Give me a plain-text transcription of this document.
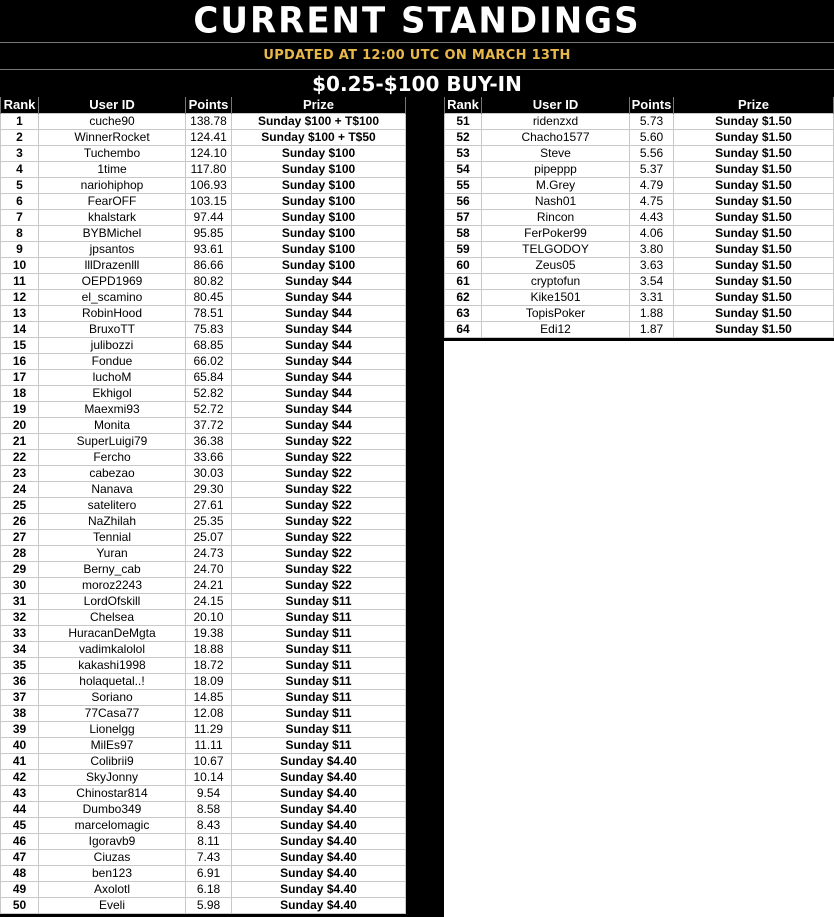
CURRENT STANDINGS
UPDATED AT 12:00 UTC ON MARCH 13TH
$0.25-$100 BUY-IN
Rank	User ID	Points	Prize
1	cuche90	138.78	Sunday $100 + T$100
2	WinnerRocket	124.41	Sunday $100 + T$50
3	Tuchembo	124.10	Sunday $100
4	1time	117.80	Sunday $100
5	nariohiphop	106.93	Sunday $100
6	FearOFF	103.15	Sunday $100
7	khalstark	97.44	Sunday $100
8	BYBMichel	95.85	Sunday $100
9	jpsantos	93.61	Sunday $100
10	lllDrazenlll	86.66	Sunday $100
11	OEPD1969	80.82	Sunday $44
12	el_scamino	80.45	Sunday $44
13	RobinHood	78.51	Sunday $44
14	BruxoTT	75.83	Sunday $44
15	julibozzi	68.85	Sunday $44
16	Fondue	66.02	Sunday $44
17	luchoM	65.84	Sunday $44
18	Ekhigol	52.82	Sunday $44
19	Maexmi93	52.72	Sunday $44
20	Monita	37.72	Sunday $44
21	SuperLuigi79	36.38	Sunday $22
22	Fercho	33.66	Sunday $22
23	cabezao	30.03	Sunday $22
24	Nanava	29.30	Sunday $22
25	satelitero	27.61	Sunday $22
26	NaZhilah	25.35	Sunday $22
27	Tennial	25.07	Sunday $22
28	Yuran	24.73	Sunday $22
29	Berny_cab	24.70	Sunday $22
30	moroz2243	24.21	Sunday $22
31	LordOfskill	24.15	Sunday $11
32	Chelsea	20.10	Sunday $11
33	HuracanDeMgta	19.38	Sunday $11
34	vadimkalolol	18.88	Sunday $11
35	kakashi1998	18.72	Sunday $11
36	holaquetal..!	18.09	Sunday $11
37	Soriano	14.85	Sunday $11
38	77Casa77	12.08	Sunday $11
39	Lionelgg	11.29	Sunday $11
40	MilEs97	11.11	Sunday $11
41	Colibrii9	10.67	Sunday $4.40
42	SkyJonny	10.14	Sunday $4.40
43	Chinostar814	9.54	Sunday $4.40
44	Dumbo349	8.58	Sunday $4.40
45	marcelomagic	8.43	Sunday $4.40
46	Igoravb9	8.11	Sunday $4.40
47	Ciuzas	7.43	Sunday $4.40
48	ben123	6.91	Sunday $4.40
49	Axolotl	6.18	Sunday $4.40
50	Eveli	5.98	Sunday $4.40
Rank	User ID	Points	Prize
51	ridenzxd	5.73	Sunday $1.50
52	Chacho1577	5.60	Sunday $1.50
53	Steve	5.56	Sunday $1.50
54	pipeppp	5.37	Sunday $1.50
55	M.Grey	4.79	Sunday $1.50
56	Nash01	4.75	Sunday $1.50
57	Rincon	4.43	Sunday $1.50
58	FerPoker99	4.06	Sunday $1.50
59	TELGODOY	3.80	Sunday $1.50
60	Zeus05	3.63	Sunday $1.50
61	cryptofun	3.54	Sunday $1.50
62	Kike1501	3.31	Sunday $1.50
63	TopisPoker	1.88	Sunday $1.50
64	Edi12	1.87	Sunday $1.50
